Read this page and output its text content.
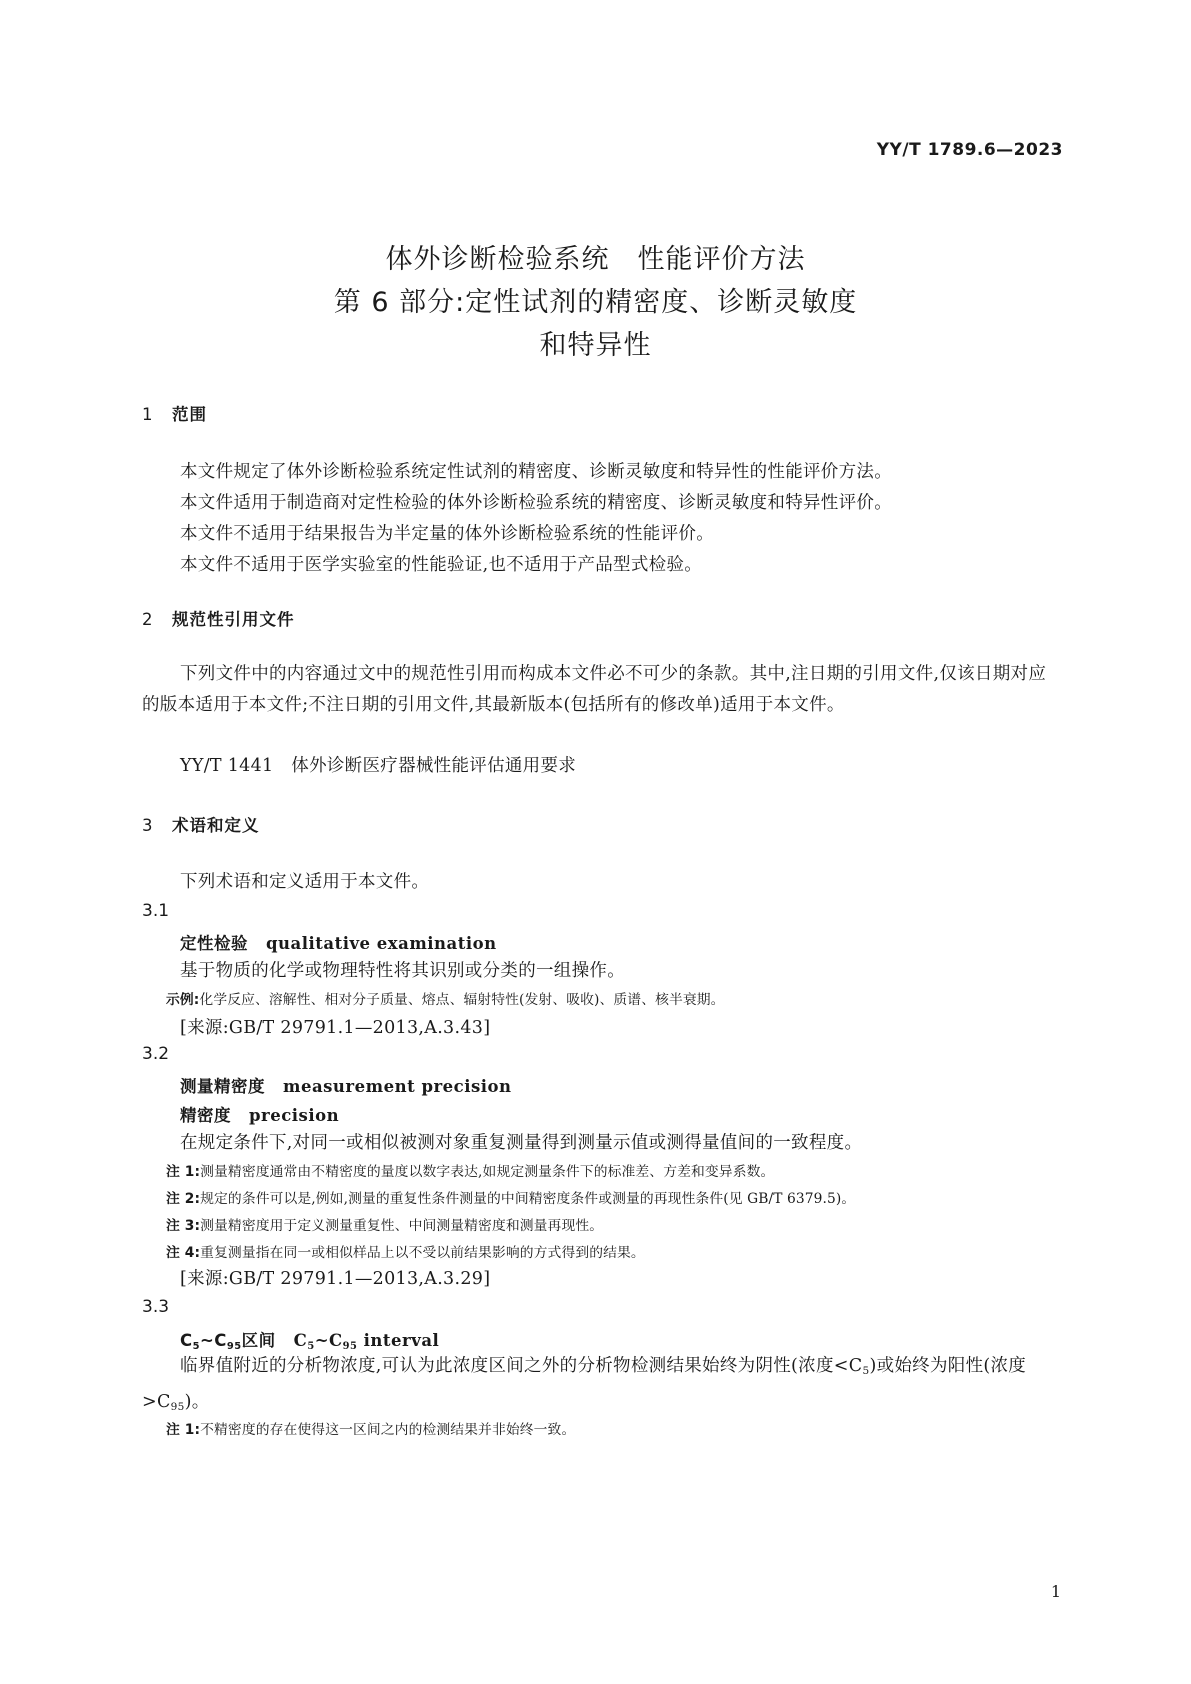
YY/T 1789.6—2023
体外诊断检验系统　性能评价方法
第 6 部分:定性试剂的精密度、诊断灵敏度
和特异性
1 范围
本文件规定了体外诊断检验系统定性试剂的精密度、诊断灵敏度和特异性的性能评价方法。
本文件适用于制造商对定性检验的体外诊断检验系统的精密度、诊断灵敏度和特异性评价。
本文件不适用于结果报告为半定量的体外诊断检验系统的性能评价。
本文件不适用于医学实验室的性能验证,也不适用于产品型式检验。
2 规范性引用文件
下列文件中的内容通过文中的规范性引用而构成本文件必不可少的条款。其中,注日期的引用文件,仅该日期对应的版本适用于本文件;不注日期的引用文件,其最新版本(包括所有的修改单)适用于本文件。
YY/T 1441　体外诊断医疗器械性能评估通用要求
3 术语和定义
下列术语和定义适用于本文件。
3.1
定性检验 qualitative examination
基于物质的化学或物理特性将其识别或分类的一组操作。
示例:化学反应、溶解性、相对分子质量、熔点、辐射特性(发射、吸收)、质谱、核半衰期。
[来源:GB/T 29791.1—2013,A.3.43]
3.2
测量精密度 measurement precision
精密度 precision
在规定条件下,对同一或相似被测对象重复测量得到测量示值或测得量值间的一致程度。
注 1:测量精密度通常由不精密度的量度以数字表达,如规定测量条件下的标准差、方差和变异系数。
注 2:规定的条件可以是,例如,测量的重复性条件测量的中间精密度条件或测量的再现性条件(见 GB/T 6379.5)。
注 3:测量精密度用于定义测量重复性、中间测量精密度和测量再现性。
注 4:重复测量指在同一或相似样品上以不受以前结果影响的方式得到的结果。
[来源:GB/T 29791.1—2013,A.3.29]
3.3
$C_5\sim C_{95}$区间 $C_5\sim C_{95}$ interval
临界值附近的分析物浓度,可认为此浓度区间之外的分析物检测结果始终为阴性(浓度$<C_5$)或始终为阳性(浓度$>C_{95}$)。
注 1:不精密度的存在使得这一区间之内的检测结果并非始终一致。
1
